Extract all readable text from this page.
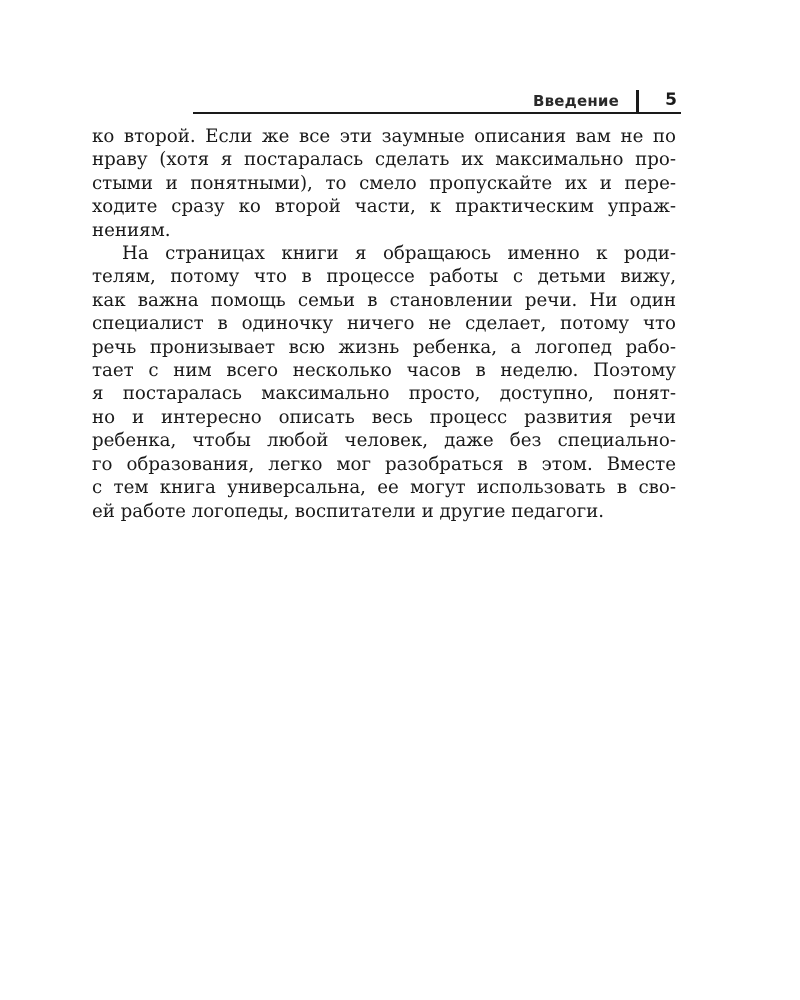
Введение	5

ко второй. Если же все эти заумные описания вам не по
нраву (хотя я постаралась сделать их максимально про-
стыми и понятными), то смело пропускайте их и пере-
ходите сразу ко второй части, к практическим упраж-
нениям.

На страницах книги я обращаюсь именно к роди-
телям, потому что в процессе работы с детьми вижу,
как важна помощь семьи в становлении речи. Ни один
специалист в одиночку ничего не сделает, потому что
речь пронизывает всю жизнь ребенка, а логопед рабо-
тает с ним всего несколько часов в неделю. Поэтому
я постаралась максимально просто, доступно, понят-
но и интересно описать весь процесс развития речи
ребенка, чтобы любой человек, даже без специально-
го образования, легко мог разобраться в этом. Вместе
с тем книга универсальна, ее могут использовать в сво-
ей работе логопеды, воспитатели и другие педагоги.
